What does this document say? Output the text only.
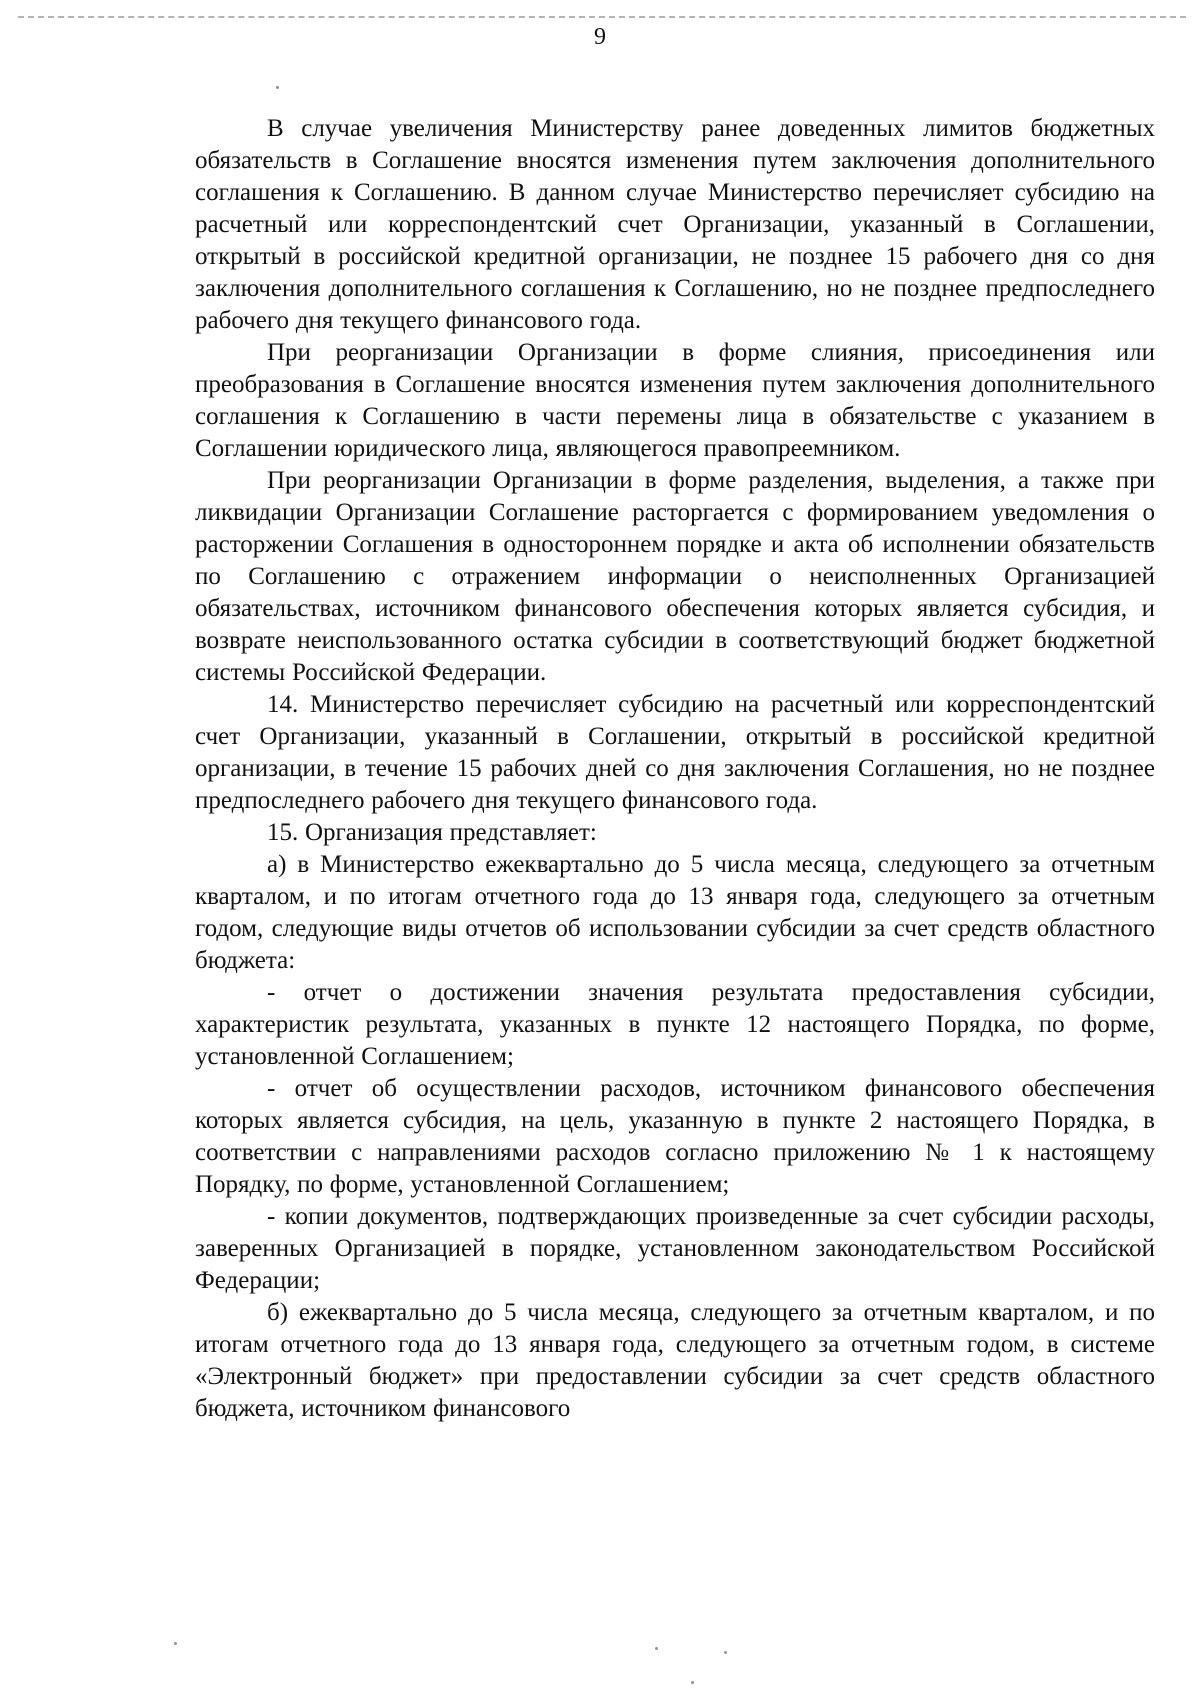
9

В случае увеличения Министерству ранее доведенных лимитов бюджетных обязательств в Соглашение вносятся изменения путем заключения дополнительного соглашения к Соглашению. В данном случае Министерство перечисляет субсидию на расчетный или корреспондентский счет Организации, указанный в Соглашении, открытый в российской кредитной организации, не позднее 15 рабочего дня со дня заключения дополнительного соглашения к Соглашению, но не позднее предпоследнего рабочего дня текущего финансового года.

При реорганизации Организации в форме слияния, присоединения или преобразования в Соглашение вносятся изменения путем заключения дополнительного соглашения к Соглашению в части перемены лица в обязательстве с указанием в Соглашении юридического лица, являющегося правопреемником.

При реорганизации Организации в форме разделения, выделения, а также при ликвидации Организации Соглашение расторгается с формированием уведомления о расторжении Соглашения в одностороннем порядке и акта об исполнении обязательств по Соглашению с отражением информации о неисполненных Организацией обязательствах, источником финансового обеспечения которых является субсидия, и возврате неиспользованного остатка субсидии в соответствующий бюджет бюджетной системы Российской Федерации.

14. Министерство перечисляет субсидию на расчетный или корреспондентский счет Организации, указанный в Соглашении, открытый в российской кредитной организации, в течение 15 рабочих дней со дня заключения Соглашения, но не позднее предпоследнего рабочего дня текущего финансового года.

15. Организация представляет:

а) в Министерство ежеквартально до 5 числа месяца, следующего за отчетным кварталом, и по итогам отчетного года до 13 января года, следующего за отчетным годом, следующие виды отчетов об использовании субсидии за счет средств областного бюджета:

- отчет о достижении значения результата предоставления субсидии, характеристик результата, указанных в пункте 12 настоящего Порядка, по форме, установленной Соглашением;

- отчет об осуществлении расходов, источником финансового обеспечения которых является субсидия, на цель, указанную в пункте 2 настоящего Порядка, в соответствии с направлениями расходов согласно приложению № 1 к настоящему Порядку, по форме, установленной Соглашением;

- копии документов, подтверждающих произведенные за счет субсидии расходы, заверенных Организацией в порядке, установленном законодательством Российской Федерации;

б) ежеквартально до 5 числа месяца, следующего за отчетным кварталом, и по итогам отчетного года до 13 января года, следующего за отчетным годом, в системе «Электронный бюджет» при предоставлении субсидии за счет средств областного бюджета, источником финансового
